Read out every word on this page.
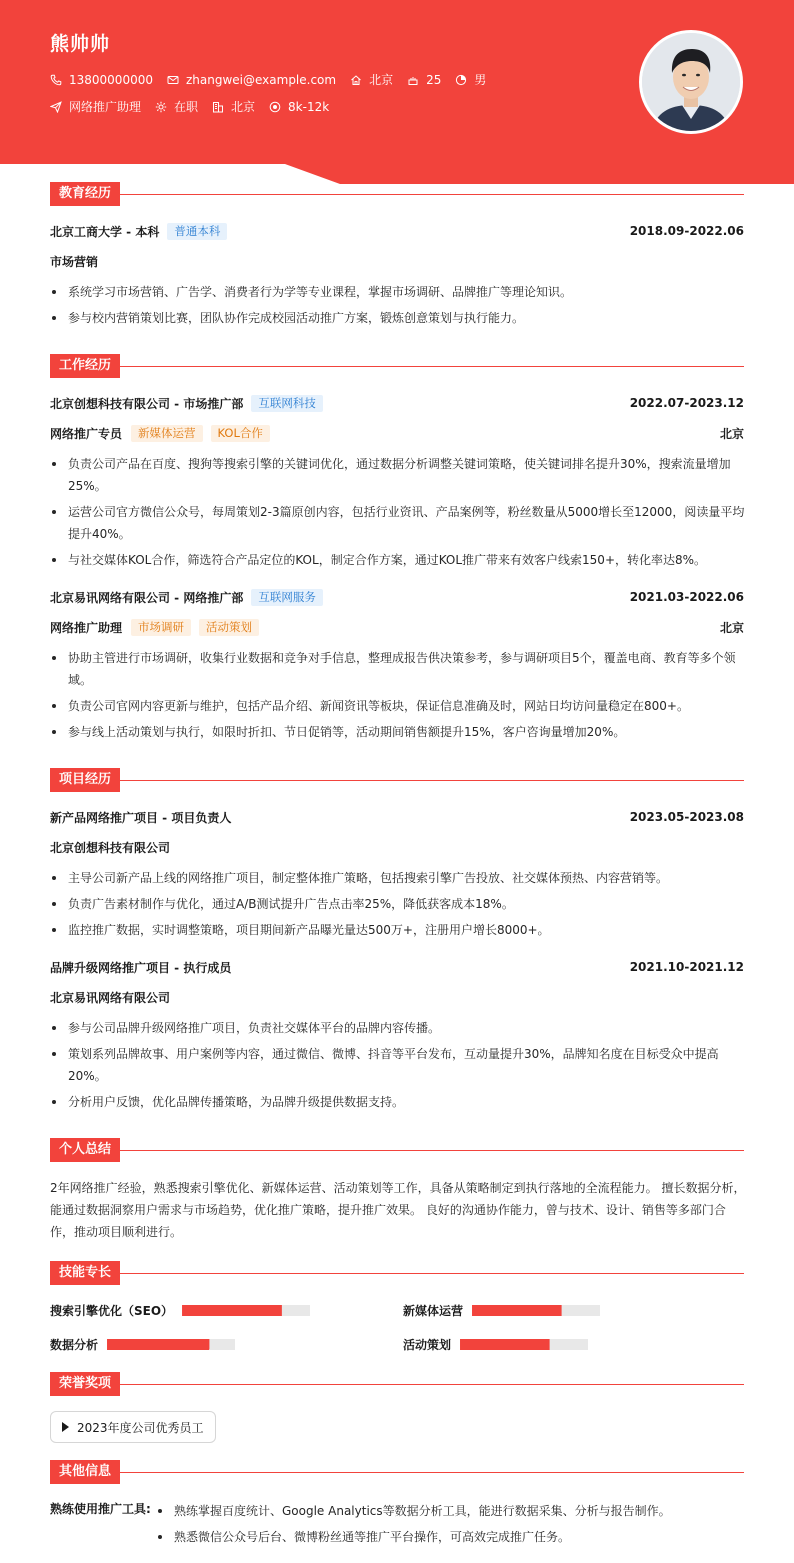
熊帅帅
13800000000	zhangwei@example.com	北京	25	男
网络推广助理	在职	北京	8k-12k
教育经历
北京工商大学 - 本科	普通本科	2018.09-2022.06
市场营销
系统学习市场营销、广告学、消费者行为学等专业课程，掌握市场调研、品牌推广等理论知识。
参与校内营销策划比赛，团队协作完成校园活动推广方案，锻炼创意策划与执行能力。
工作经历
北京创想科技有限公司 - 市场推广部	互联网科技	2022.07-2023.12
网络推广专员	新媒体运营	KOL合作	北京
负责公司产品在百度、搜狗等搜索引擎的关键词优化，通过数据分析调整关键词策略，使关键词排名提升30%，搜索流量增加25%。
运营公司官方微信公众号，每周策划2-3篇原创内容，包括行业资讯、产品案例等，粉丝数量从5000增长至12000，阅读量平均提升40%。
与社交媒体KOL合作，筛选符合产品定位的KOL，制定合作方案，通过KOL推广带来有效客户线索150+，转化率达8%。
北京易讯网络有限公司 - 网络推广部	互联网服务	2021.03-2022.06
网络推广助理	市场调研	活动策划	北京
协助主管进行市场调研，收集行业数据和竞争对手信息，整理成报告供决策参考，参与调研项目5个，覆盖电商、教育等多个领域。
负责公司官网内容更新与维护，包括产品介绍、新闻资讯等板块，保证信息准确及时，网站日均访问量稳定在800+。
参与线上活动策划与执行，如限时折扣、节日促销等，活动期间销售额提升15%，客户咨询量增加20%。
项目经历
新产品网络推广项目 - 项目负责人	2023.05-2023.08
北京创想科技有限公司
主导公司新产品上线的网络推广项目，制定整体推广策略，包括搜索引擎广告投放、社交媒体预热、内容营销等。
负责广告素材制作与优化，通过A/B测试提升广告点击率25%，降低获客成本18%。
监控推广数据，实时调整策略，项目期间新产品曝光量达500万+，注册用户增长8000+。
品牌升级网络推广项目 - 执行成员	2021.10-2021.12
北京易讯网络有限公司
参与公司品牌升级网络推广项目，负责社交媒体平台的品牌内容传播。
策划系列品牌故事、用户案例等内容，通过微信、微博、抖音等平台发布，互动量提升30%，品牌知名度在目标受众中提高20%。
分析用户反馈，优化品牌传播策略，为品牌升级提供数据支持。
个人总结
2年网络推广经验，熟悉搜索引擎优化、新媒体运营、活动策划等工作，具备从策略制定到执行落地的全流程能力。 擅长数据分析，能通过数据洞察用户需求与市场趋势，优化推广策略，提升推广效果。 良好的沟通协作能力，曾与技术、设计、销售等多部门合作，推动项目顺利进行。
技能专长
搜索引擎优化（SEO）	新媒体运营
数据分析	活动策划
荣誉奖项
2023年度公司优秀员工
其他信息
熟练使用推广工具:	熟练掌握百度统计、Google Analytics等数据分析工具，能进行数据采集、分析与报告制作。
熟悉微信公众号后台、微博粉丝通等推广平台操作，可高效完成推广任务。
